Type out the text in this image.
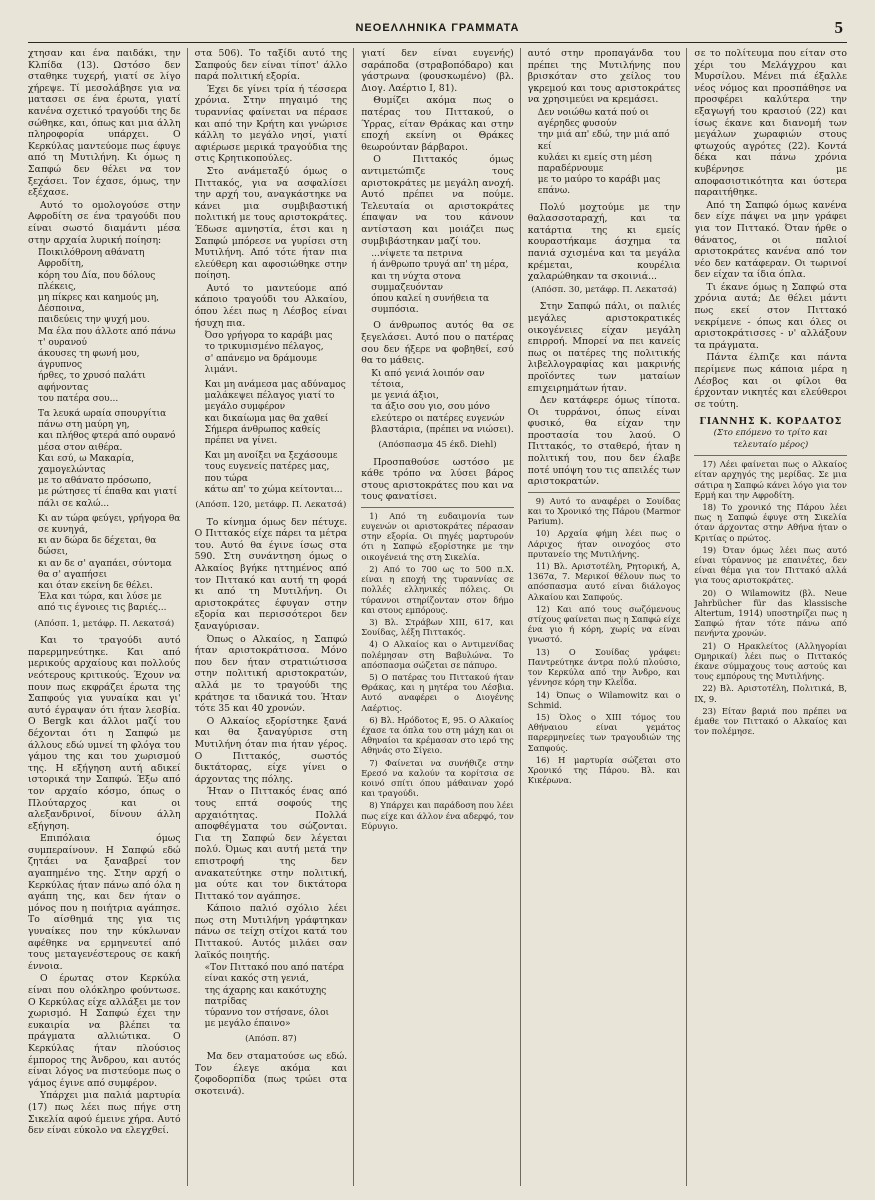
ΝΕΟΕΛΛΗΝΙΚΑ ΓΡΑΜΜΑΤΑ	5

χτησαν και ένα παιδάκι, την Κλπίδα (13). Ωστόσο δεν σταθηκε τυχερή, γιατί σε λίγο χήρεψε. Τί μεσολάβησε για να ματασει σε ένα έρωτα, γιατί κανένα σχετικό τραγούδι της δε σώθηκε, και, όπως και μια άλλη πληροφορία υπάρχει. Ο Κερκύλας μαντεύομε πως έφυγε από τη Μυτιλήνη. Κι όμως η Σαπφώ δεν θέλει να τον ξεχάσει. Τον έχασε, όμως, την εξέχασε.

Αυτό το ομολογούσε στην Αφροδίτη σε ένα τραγούδι που είναι σωστό διαμάντι μέσα στην αρχαία λυρική ποίηση:

Ποικιλόθρονη αθάνατη Αφροδίτη,
κόρη του Δία, που δόλους πλέκεις,
μη πίκρες και καημούς μη, Δέσποινα,
παιδεύεις την ψυχή μου.
Μα έλα που άλλοτε από πάνω τ' ουρανού
άκουσες τη φωνή μου, άγρυπνος
ήρθες, το χρυσό παλάτι αφήνοντας
του πατέρα σου...
Τα λευκά ωραία σπουργίτια
πάνω στη μαύρη γη,
και πλήθος φτερά από ουρανό
μέσα στον αιθέρα.
Και εσύ, ω Μακαρία, χαμογελώντας
με το αθάνατο πρόσωπο,
με ρώτησες τί έπαθα και γιατί
πάλι σε καλώ...
Κι αν τώρα φεύγει, γρήγορα θα σε κυνηγά,
κι αν δώρα δε δέχεται, θα δώσει,
κι αν δε σ' αγαπάει, σύντομα θα σ' αγαπήσει
και όταν εκείνη δε θέλει.
Έλα και τώρα, και λύσε με
από τις έγνοιες τις βαριές...
(Απόσπ. 1, μετάφρ. Π. Λεκατσά)

Και το τραγούδι αυτό παρερμηνεύτηκε. Και από μερικούς αρχαίους και πολλούς νεότερους κριτικούς. Έχουν να πουν πως εκφράζει έρωτα της Σαπφούς για γυναίκα και γι' αυτό έγραψαν ότι ήταν λεσβία. Ο Bergk και άλλοι μαζί του δέχονται ότι η Σαπφώ με άλλους εδώ υμνεί τη φλόγα του γάμου της και του χωρισμού της. Η εξήγηση αυτή αδικεί ιστορικά την Σαπφώ. Έξω από τον αρχαίο κόσμο, όπως ο Πλούταρχος και οι αλεξανδρινοί, δίνουν άλλη εξήγηση.

Επιπόλαια όμως συμπεραίνουν. Η Σαπφώ εδώ ζητάει να ξαναβρεί τον αγαπημένο της. Στην αρχή ο Κερκύλας ήταν πάνω από όλα η αγάπη της, και δεν ήταν ο μόνος που η ποιήτρια αγάπησε. Το αίσθημά της για τις γυναίκες που την κύκλωναν αφέθηκε να ερμηνευτεί από τους μεταγενέστερους σε κακή έννοια.

Ο έρωτας στον Κερκύλα είναι που ολόκληρο φούντωσε. Ο Κερκύλας είχε αλλάξει με τον χωρισμό. Η Σαπφώ έχει την ευκαιρία να βλέπει τα πράγματα αλλιώτικα. Ο Κερκύλας ήταν πλούσιος έμπορος της Άνδρου, και αυτός είναι λόγος να πιστεύομε πως ο γάμος έγινε από συμφέρον.

Υπάρχει μια παλιά μαρτυρία (17) πως λέει πως πήγε στη Σικελία αφού έμεινε χήρα. Αυτό δεν είναι εύκολο να ελεγχθεί.

στα 506). Το ταξίδι αυτό της Σαπφούς δεν είναι τίποτ' άλλο παρά πολιτική εξορία.

Έχει δε γίνει τρία ή τέσσερα χρόνια. Στην πηγαιμό της τυραννίας φαίνεται να πέρασε και από την Κρήτη και γνώρισε κάλλη το μεγάλο νησί, γιατί αφιέρωσε μερικά τραγούδια της στις Κρητικοπούλες.

Στο ανάμεταξύ όμως ο Πιττακός, για να ασφαλίσει την αρχή του, αναγκάστηκε να κάνει μια συμβιβαστική πολιτική με τους αριστοκράτες. Έδωσε αμνηστία, έτσι και η Σαπφώ μπόρεσε να γυρίσει στη Μυτιλήνη. Από τότε ήταν πια ελεύθερη και αφοσιώθηκε στην ποίηση.

Αυτό το μαντεύομε από κάποιο τραγούδι του Αλκαίου, όπου λέει πως η Λέσβος είναι ήσυχη πια.

Όσο γρήγορα το καράβι μας
το τρικυμισμένο πέλαγος,
σ' απάνεμο να δράμουμε λιμάνι.
Και μη ανάμεσα μας αδύναμος μαλάκεψει πέλαγος γιατί το μεγάλο συμφέρον
και δικαίωμα μας θα χαθεί
Σήμερα άνθρωπος καθείς πρέπει να γίνει.
Και μη ανοίξει να ξεχάσουμε
τους ευγενείς πατέρες μας, που τώρα
κάτω απ' το χώμα κείτονται...
(Απόσπ. 120, μετάφρ. Π. Λεκατσά)

Το κίνημα όμως δεν πέτυχε. Ο Πιττακός είχε πάρει τα μέτρα του. Αυτό θα έγινε ίσως στα 590. Στη συνάντηση όμως ο Αλκαίος βγήκε ηττημένος από τον Πιττακό και αυτή τη φορά κι από τη Μυτιλήνη. Οι αριστοκράτες έφυγαν στην εξορία και περισσότεροι δεν ξαναγύρισαν.

Όπως ο Αλκαίος, η Σαπφώ ήταν αριστοκράτισσα. Μόνο που δεν ήταν στρατιώτισσα στην πολιτική αριστοκρατών, αλλά με το τραγούδι της κράτησε τα ιδανικά του. Ήταν τότε 35 και 40 χρονών.

Ο Αλκαίος εξορίστηκε ξανά και θα ξαναγύρισε στη Μυτιλήνη όταν πια ήταν γέρος. Ο Πιττακός, σωστός δικτάτορας, είχε γίνει ο άρχοντας της πόλης.

Ήταν ο Πιττακός ένας από τους επτά σοφούς της αρχαιότητας. Πολλά αποφθέγματα του σώζονται. Για τη Σαπφώ δεν λέγεται πολύ. Όμως και αυτή μετά την επιστροφή της δεν ανακατεύτηκε στην πολιτική, μα ούτε και τον δικτάτορα Πιττακό τον αγάπησε.

Κάποιο παλιό σχόλιο λέει πως στη Μυτιλήνη γράφτηκαν πάνω σε τείχη στίχοι κατά του Πιττακού. Αυτός μιλάει σαν λαϊκός ποιητής.

«Τον Πιττακό που από πατέρα είναι κακός στη γενιά,
της άχαρης και κακότυχης πατρίδας
τύραννο τον στήσανε, όλοι
με μεγάλο έπαινο»
(Απόσπ. 87)

Μα δεν σταματούσε ως εδώ. Τον έλεγε ακόμα και ζοφοδορπίδα (πως τρώει στα σκοτεινά).

γιατί δεν είναι ευγενής) σαράποδα (στραβοπόδαρο) και γάστρωνα (φουσκωμένο) (βλ. Διογ. Λαέρτιο Ι, 81).

Θυμίζει ακόμα πως ο πατέρας του Πιττακού, ο Ύρρας, είταν Θράκας και στην εποχή εκείνη οι Θράκες θεωρούνταν βάρβαροι.

Ο Πιττακός όμως αντιμετώπιζε τους αριστοκράτες με μεγάλη ανοχή. Αυτό πρέπει να πούμε. Τελευταία οι αριστοκράτες έπαψαν να του κάνουν αντίσταση και μοιάζει πως συμβιβάστηκαν μαζί του.

...νίψετε τα πετρινα
ή άνθρωπο τρυγά απ' τη μέρα, και τη νύχτα στονα συμμαζευόνταν
όπου καλεί η συνήθεια τα συμπόσια.

Ο άνθρωπος αυτός θα σε ξεγελάσει. Αυτό που ο πατέρας σου δεν ήξερε να φοβηθεί, εσύ θα το μάθεις.

Κι από γενιά λοιπόν σαν τέτοια,
με γενιά άξιοι,
τα άξιο σου γιο, σου μόνο ελεύτερο οι πατέρες ευγενών βλαστάρια, (πρέπει να νιώσει).
(Απόσπασμα 45 έκδ. Diehl)

Προσπαθούσε ωστόσο με κάθε τρόπο να λύσει βάρος στους αριστοκράτες που και να τους φανατίσει.

1) Από τη ευδαιμονία των ευγενών οι αριστοκράτες πέρασαν στην εξορία. Οι πηγές μαρτυρούν ότι η Σαπφώ εξορίστηκε με την οικογένειά της στη Σικελία.

2) Από το 700 ως το 500 π.Χ. είναι η εποχή της τυραννίας σε πολλές ελληνικές πόλεις. Οι τύραννοι στηρίζονταν στον δήμο και στους εμπόρους.

3) Βλ. Στράβων ΧΙΙΙ, 617, και Σουίδας, λέξη Πιττακός.

4) Ο Αλκαίος και ο Αντιμενίδας πολέμησαν στη Βαβυλώνα. Το απόσπασμα σώζεται σε πάπυρο.

5) Ο πατέρας του Πιττακού ήταν Θράκας, και η μητέρα του Λέσβια. Αυτό αναφέρει ο Διογένης Λαέρτιος.

6) Βλ. Ηρόδοτος Ε, 95. Ο Αλκαίος έχασε τα όπλα του στη μάχη και οι Αθηναίοι τα κρέμασαν στο ιερό της Αθηνάς στο Σίγειο.

7) Φαίνεται να συνήθιζε στην Ερεσό να καλούν τα κορίτσια σε κοινό σπίτι όπου μάθαιναν χορό και τραγούδι.

8) Υπάρχει και παράδοση που λέει πως είχε και άλλον ένα αδερφό, τον Εύρυγιο.

αυτό στην προπαγάνδα του πρέπει της Μυτιλήνης που βρισκόταν στο χείλος του γκρεμού και τους αριστοκράτες να χρησιμεύει να κρεμάσει.

Δεν νοιώθω κατά πού οι αγέρηδες φυσούν
την μιά απ' εδώ, την μιά από κεί
κυλάει κι εμείς στη μέση παραδέρνουμε
με το μαύρο το καράβι μας επάνω.

Πολύ μοχτούμε με την θαλασσοταραχή, και τα κατάρτια της κι εμείς κουραστήκαμε άσχημα τα πανιά σχισμένα και τα μεγάλα κρέμεται, κουρέλια χαλαρώθηκαν τα σκοινιά...

(Απόσπ. 30, μετάφρ. Π. Λεκατσά)

Στην Σαπφώ πάλι, οι παλιές μεγάλες αριστοκρατικές οικογένειες είχαν μεγάλη επιρροή. Μπορεί να πει κανείς πως οι πατέρες της πολιτικής λιβελλογραφίας και μακρινής προϊόντες των ματαίων επιχειρημάτων ήταν.

Δεν κατάφερε όμως τίποτα. Οι τυρράνοι, όπως είναι φυσικό, θα είχαν την προστασία του λαού. Ο Πιττακός, το σταθερό, ήταν η πολιτική του, που δεν έλαβε ποτέ υπόψη του τις απειλές των αριστοκρατών.

9) Αυτό το αναφέρει ο Σουίδας και το Χρονικό της Πάρου (Marmor Parium).

10) Αρχαία φήμη λέει πως ο Λάριχος ήταν οινοχόος στο πρυτανείο της Μυτιλήνης.

11) Βλ. Αριστοτέλη, Ρητορική, Α, 1367α, 7. Μερικοί θέλουν πως το απόσπασμα αυτό είναι διάλογος Αλκαίου και Σαπφούς.

12) Και από τους σωζόμενους στίχους φαίνεται πως η Σαπφώ είχε ένα γιο ή κόρη, χωρίς να είναι γνωστό.

13) Ο Σουίδας γράφει: Παντρεύτηκε άντρα πολύ πλούσιο, τον Κερκύλα από την Άνδρο, και γέννησε κόρη την Κλεΐδα.

14) Όπως ο Wilamowitz και ο Schmid.

15) Όλος ο ΧΙΙΙ τόμος του Αθήναιου είναι γεμάτος παρερμηνείες των τραγουδιών της Σαπφούς.

16) Η μαρτυρία σώζεται στο Χρονικό της Πάρου. Βλ. και Κικέρωνα.

σε το πολίτευμα που είταν στο χέρι του Μελάγχρου και Μυρσίλου. Μένει πιά έξαλλε νέος νόμος και προσπάθησε να προσφέρει καλύτερα την εξαγωγή του κρασιού (22) και ίσως έκανε και διανομή των μεγάλων χωραφιών στους φτωχούς αγρότες (22). Κοντά δέκα και πάνω χρόνια κυβέρνησε με αποφασιστικότητα και ύστερα παραιτήθηκε.

Από τη Σαπφώ όμως κανένα δεν είχε πάψει να μην γράφει για τον Πιττακό. Όταν ήρθε ο θάνατος, οι παλιοί αριστοκράτες κανένα από τον νέο δεν κατάφεραν. Οι τωρινοί δεν είχαν τα ίδια όπλα.

Τι έκανε όμως η Σαπφώ στα χρόνια αυτά; Δε θέλει μάντι πως εκεί στον Πιττακό νεκρίμενε - όπως και όλες οι αριστοκράτισσες - ν' αλλάξουν τα πράγματα.

Πάντα έλπιζε και πάντα περίμενε πως κάποια μέρα η Λέσβος και οι φίλοι θα έρχονταν νικητές και ελεύθεροι σε τούτη.

ΓΙΑΝΝΗΣ Κ. ΚΟΡΔΑΤΟΣ
(Στο επόμενο το τρίτο και τελευταίο μέρος)

17) Λέει φαίνεται πως ο Αλκαίος είταν αρχηγός της μερίδας. Σε μια σάτιρα η Σαπφώ κάνει λόγο για τον Ερμή και την Αφροδίτη.

18) Το χρονικό της Πάρου λέει πως η Σαπφώ έφυγε στη Σικελία όταν άρχοντας στην Αθήνα ήταν ο Κριτίας ο πρώτος.

19) Όταν όμως λέει πως αυτό είναι τύραννος με επαινέτες, δεν είναι θέμα για τον Πιττακό αλλά για τους αριστοκράτες.

20) Ο Wilamowitz (βλ. Neue Jahrbücher für das klassische Altertum, 1914) υποστηρίζει πως η Σαπφώ ήταν τότε πάνω από πενήντα χρονών.

21) Ο Ηρακλείτος (Αλληγορίαι Ομηρικαί) λέει πως ο Πιττακός έκανε σύμμαχους τους αστούς και τους εμπόρους της Μυτιλήνης.

22) Βλ. Αριστοτέλη, Πολιτικά, Β, ΙΧ, 9.

23) Είταν βαριά που πρέπει να έμαθε τον Πιττακό ο Αλκαίος και τον πολέμησε.
